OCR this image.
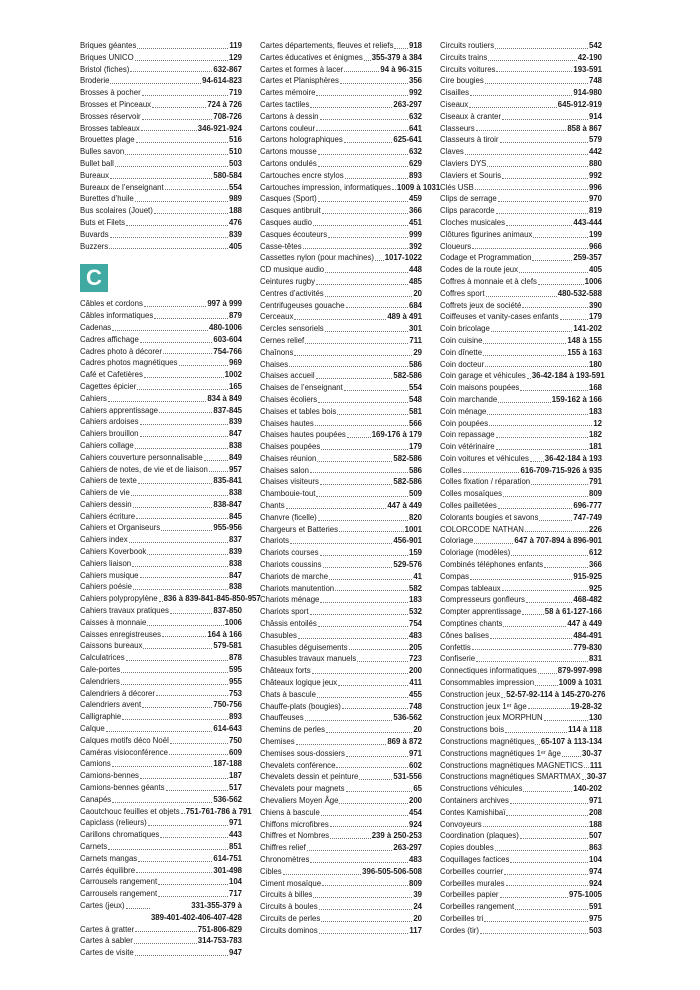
Briques géantes	119
Briques UNICO	129
Bristol (fiches)	632-867
Broderie	94-614-823
Brosses à pocher	719
Brosses et Pinceaux	724 à 726
Brosses réservoir	708-726
Brosses tableaux	346-921-924
Brouettes plage	516
Bulles savon	510
Bullet ball	503
Bureaux	580-584
Bureaux de l’enseignant	554
Burettes d’huile	989
Bus scolaires (Jouet)	188
Buts et Filets	476
Buvards	839
Buzzers	405
C
Câbles et cordons	997 à 999
Câbles informatiques	879
Cadenas	480-1006
Cadres affichage	603-604
Cadres photo à décorer	754-766
Cadres photos magnétiques	969
Café et Cafetières	1002
Cagettes épicier	165
Cahiers	834 à 849
Cahiers apprentissage	837-845
Cahiers ardoises	839
Cahiers brouillon	847
Cahiers collage	838
Cahiers couverture personnalisable	849
Cahiers de notes, de vie et de liaison	957
Cahiers de texte	835-841
Cahiers de vie	838
Cahiers dessin	838-847
Cahiers écriture	845
Cahiers et Organiseurs	955-956
Cahiers index	837
Cahiers Koverbook	839
Cahiers liaison	838
Cahiers musique	847
Cahiers poésie	838
Cahiers polypropylène 836 à 839-841-845-850-957
Cahiers travaux pratiques	837-850
Caisses à monnaie	1006
Caisses enregistreuses	164 à 166
Caissons bureaux	579-581
Calculatrices	878
Cale-portes	595
Calendriers	955
Calendriers à décorer	753
Calendriers avent	750-756
Calligraphie	893
Calque	614-643
Calques motifs déco Noël	750
Caméras visioconférence	609
Camions	187-188
Camions-bennes	187
Camions-bennes géants	517
Canapés	536-562
Caoutchouc feuilles et objets 751-761-786 à 791
Capiclass (relieurs)	971
Carillons chromatiques	443
Carnets	851
Carnets mangas	614-751
Carrés équilibre	301-498
Carrousels rangement	104
Carrousels rangement	717
Cartes (jeux)	331-355-379 à
389-401-402-406-407-428
Cartes à gratter	751-806-829
Cartes à sabler	314-753-783
Cartes de visite	947
Cartes départements, fleuves et reliefs 918
Cartes éducatives et énigmes 355-379 à 384
Cartes et formes à lacer	94 à 96-315
Cartes et Planisphères	356
Cartes mémoire	992
Cartes tactiles	263-297
Cartons à dessin	632
Cartons couleur	641
Cartons holographiques	625-641
Cartons mousse	632
Cartons ondulés	629
Cartouches encre stylos	893
Cartouches impression, informatiques 1009 à 1031
Casques (Sport)	459
Casques antibruit	366
Casques audio	451
Casques écouteurs	999
Casse-têtes	392
Cassettes nylon (pour machines) 1017-1022
CD musique audio	448
Ceintures rugby	485
Centres d’activités	20
Centrifugeuses gouache	684
Cerceaux	489 à 491
Cercles sensoriels	301
Cernes relief	711
Chaînons	29
Chaises	586
Chaises accueil	582-586
Chaises de l’enseignant	554
Chaises écoliers	548
Chaises et tables bois	581
Chaises hautes	566
Chaises hautes poupées	169-176 à 179
Chaises poupées	179
Chaises réunion	582-586
Chaises salon	586
Chaises visiteurs	582-586
Chambouie-tout	509
Chants	447 à 449
Chanvre (ficelle)	820
Chargeurs et Batteries	1001
Chariots	456-901
Chariots courses	159
Chariots coussins	529-576
Chariots de marche	41
Chariots manutention	582
Chariots ménage	183
Chariots sport	532
Châssis entoilés	754
Chasubles	483
Chasubles déguisements	205
Chasubles travaux manuels	723
Châteaux forts	200
Châteaux logique jeux	411
Chats à bascule	455
Chauffe-plats (bougies)	748
Chauffeuses	536-562
Chemins de perles	20
Chemises	869 à 872
Chemises sous-dossiers	971
Chevalets conférence	602
Chevalets dessin et peinture	531-556
Chevalets pour magnets	65
Chevaliers Moyen Âge	200
Chiens à bascule	454
Chiffons microfibres	924
Chiffres et Nombres	239 à 250-253
Chiffres relief	263-297
Chronomètres	483
Cibles	396-505-506-508
Ciment mosaïque	809
Circuits à billes	39
Circuits à boules	24
Circuits de perles	20
Circuits dominos	117
Circuits routiers	542
Circuits trains	42-190
Circuits voitures	193-591
Cire bougies	748
Cisailles	914-980
Ciseaux	645-912-919
Ciseaux à cranter	914
Classeurs	858 à 867
Classeurs à tiroir	579
Claves	442
Claviers DYS	880
Claviers et Souris	992
Clés USB	996
Clips de serrage	970
Clips paracorde	819
Cloches musicales	443-444
Clôtures figurines animaux	199
Cloueurs	966
Codage et Programmation	259-357
Codes de la route jeux	405
Coffres à monnaie et à clefs	1006
Coffres sport	480-532-588
Coffrets jeux de société	390
Coiffeuses et vanity-cases enfants	179
Coin bricolage	141-202
Coin cuisine	148 à 155
Coin dînette	155 à 163
Coin docteur	180
Coin garage et véhicules 36-42-184 à 193-591
Coin maisons poupées	168
Coin marchande	159-162 à 166
Coin ménage	183
Coin poupées	12
Coin repassage	182
Coin vétérinaire	181
Coin voitures et véhicules 36-42-184 à 193
Colles	616-709-715-926 à 935
Colles fixation / réparation	791
Colles mosaïques	809
Colles pailletées	696-777
Colorants bougies et savons	747-749
COLORCODE NATHAN	226
Coloriage	647 à 707-894 à 896-901
Coloriage (modèles)	612
Combinés téléphones enfants	366
Compas	915-925
Compas tableaux	925
Compresseurs gonfleurs	468-482
Compter apprentissage	58 à 61-127-166
Comptines chants	447 à 449
Cônes balises	484-491
Confettis	779-830
Confiserie	831
Connectiques informatiques	879-997-998
Consommables impression	1009 à 1031
Construction jeux 52-57-92-114 à 145-270-276
Construction jeux 1ᵉʳ âge	19-28-32
Construction jeux MORPHUN	130
Constructions bois	114 à 118
Constructions magnétiques 65-107 à 113-134
Constructions magnétiques 1ᵉʳ âge	30-37
Constructions magnétiques MAGNETICS 111
Constructions magnétiques SMARTMAX 30-37
Constructions véhicules	140-202
Containers archives	971
Contes Kamishibaï	208
Convoyeurs	188
Coordination (plaques)	507
Copies doubles	863
Coquillages factices	104
Corbeilles courrier	974
Corbeilles murales	924
Corbeilles papier	975-1005
Corbeilles rangement	591
Corbeilles tri	975
Cordes (tir)	503
